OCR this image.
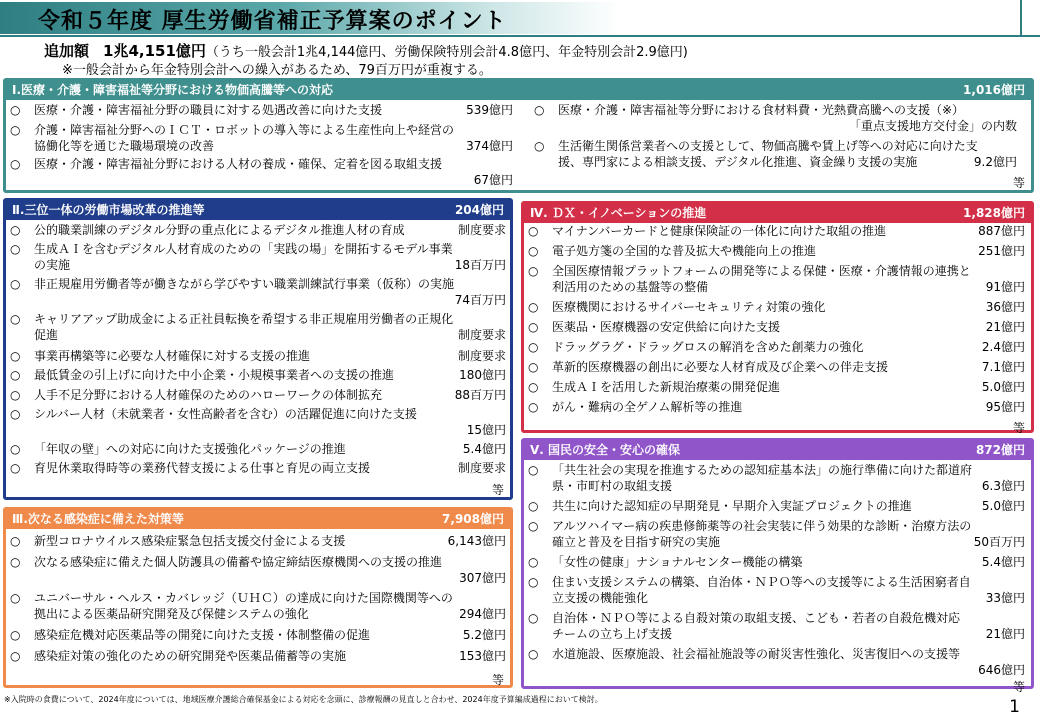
令和５年度 厚生労働省補正予算案のポイント
追加額　 1兆4,151億円（うち一般会計1兆4,144億円、労働保険特別会計4.8億円、年金特別会計2.9億円)
※一般会計から年金特別会計への繰入があるため、79百万円が重複する。
Ⅰ.医療・介護・障害福祉等分野における物価高騰等への対応	1,016億円
○ 医療・介護・障害福祉分野の職員に対する処遇改善に向けた支援	539億円
○ 介護・障害福祉分野へのＩＣＴ・ロボットの導入等による生産性向上や経営の
協働化等を通じた職場環境の改善	374億円
○ 医療・介護・障害福祉分野における人材の養成・確保、定着を図る取組支援
67億円
○ 医療・介護・障害福祉等分野における食材料費・光熱費高騰への支援（※）
「重点支援地方交付金」の内数
○ 生活衛生関係営業者への支援として、物価高騰や賃上げ等への対応に向けた支
援、専門家による相談支援、デジタル化推進、資金繰り支援の実施	9.2億円
等
Ⅱ.三位一体の労働市場改革の推進等	204億円
○ 公的職業訓練のデジタル分野の重点化によるデジタル推進人材の育成	制度要求
○ 生成ＡＩを含むデジタル人材育成のための「実践の場」を開拓するモデル事業
の実施	18百万円
○ 非正規雇用労働者等が働きながら学びやすい職業訓練試行事業（仮称）の実施
74百万円
○ キャリアアップ助成金による正社員転換を希望する非正規雇用労働者の正規化
促進	制度要求
○ 事業再構築等に必要な人材確保に対する支援の推進	制度要求
○ 最低賃金の引上げに向けた中小企業・小規模事業者への支援の推進	180億円
○ 人手不足分野における人材確保のためのハローワークの体制拡充	88百万円
○ シルバー人材（未就業者・女性高齢者を含む）の活躍促進に向けた支援
15億円
○ 「年収の壁」への対応に向けた支援強化パッケージの推進	5.4億円
○ 育児休業取得時等の業務代替支援による仕事と育児の両立支援	制度要求
等
Ⅲ.次なる感染症に備えた対策等	7,908億円
○ 新型コロナウイルス感染症緊急包括支援交付金による支援	6,143億円
○ 次なる感染症に備えた個人防護具の備蓄や協定締結医療機関への支援の推進
307億円
○ ユニバーサル・ヘルス・カバレッジ（ＵＨＣ）の達成に向けた国際機関等への
拠出による医薬品研究開発及び保健システムの強化	294億円
○ 感染症危機対応医薬品等の開発に向けた支援・体制整備の促進	5.2億円
○ 感染症対策の強化のための研究開発や医薬品備蓄等の実施	153億円
等
Ⅳ. ＤＸ・イノベーションの推進	1,828億円
○ マイナンバーカードと健康保険証の一体化に向けた取組の推進	887億円
○ 電子処方箋の全国的な普及拡大や機能向上の推進	251億円
○ 全国医療情報プラットフォームの開発等による保健・医療・介護情報の連携と
利活用のための基盤等の整備	91億円
○ 医療機関におけるサイバーセキュリティ対策の強化	36億円
○ 医薬品・医療機器の安定供給に向けた支援	21億円
○ ドラッグラグ・ドラッグロスの解消を含めた創薬力の強化	2.4億円
○ 革新的医療機器の創出に必要な人材育成及び企業への伴走支援	7.1億円
○ 生成ＡＩを活用した新規治療薬の開発促進	5.0億円
○ がん・難病の全ゲノム解析等の推進	95億円
等
Ⅴ. 国民の安全・安心の確保	872億円
○ 「共生社会の実現を推進するための認知症基本法」の施行準備に向けた都道府
県・市町村の取組支援	6.3億円
○ 共生に向けた認知症の早期発見・早期介入実証プロジェクトの推進	5.0億円
○ アルツハイマー病の疾患修飾薬等の社会実装に伴う効果的な診断・治療方法の
確立と普及を目指す研究の実施	50百万円
○ 「女性の健康」ナショナルセンター機能の構築	5.4億円
○ 住まい支援システムの構築、自治体・ＮＰＯ等への支援等による生活困窮者自
立支援の機能強化	33億円
○ 自治体・ＮＰＯ等による自殺対策の取組支援、こども・若者の自殺危機対応
チームの立ち上げ支援	21億円
○ 水道施設、医療施設、社会福祉施設等の耐災害性強化、災害復旧への支援等
646億円
等
※入院時の食費について、2024年度については、地域医療介護総合確保基金による対応を念頭に、診療報酬の見直しと合わせ、2024年度予算編成過程において検討。	1
